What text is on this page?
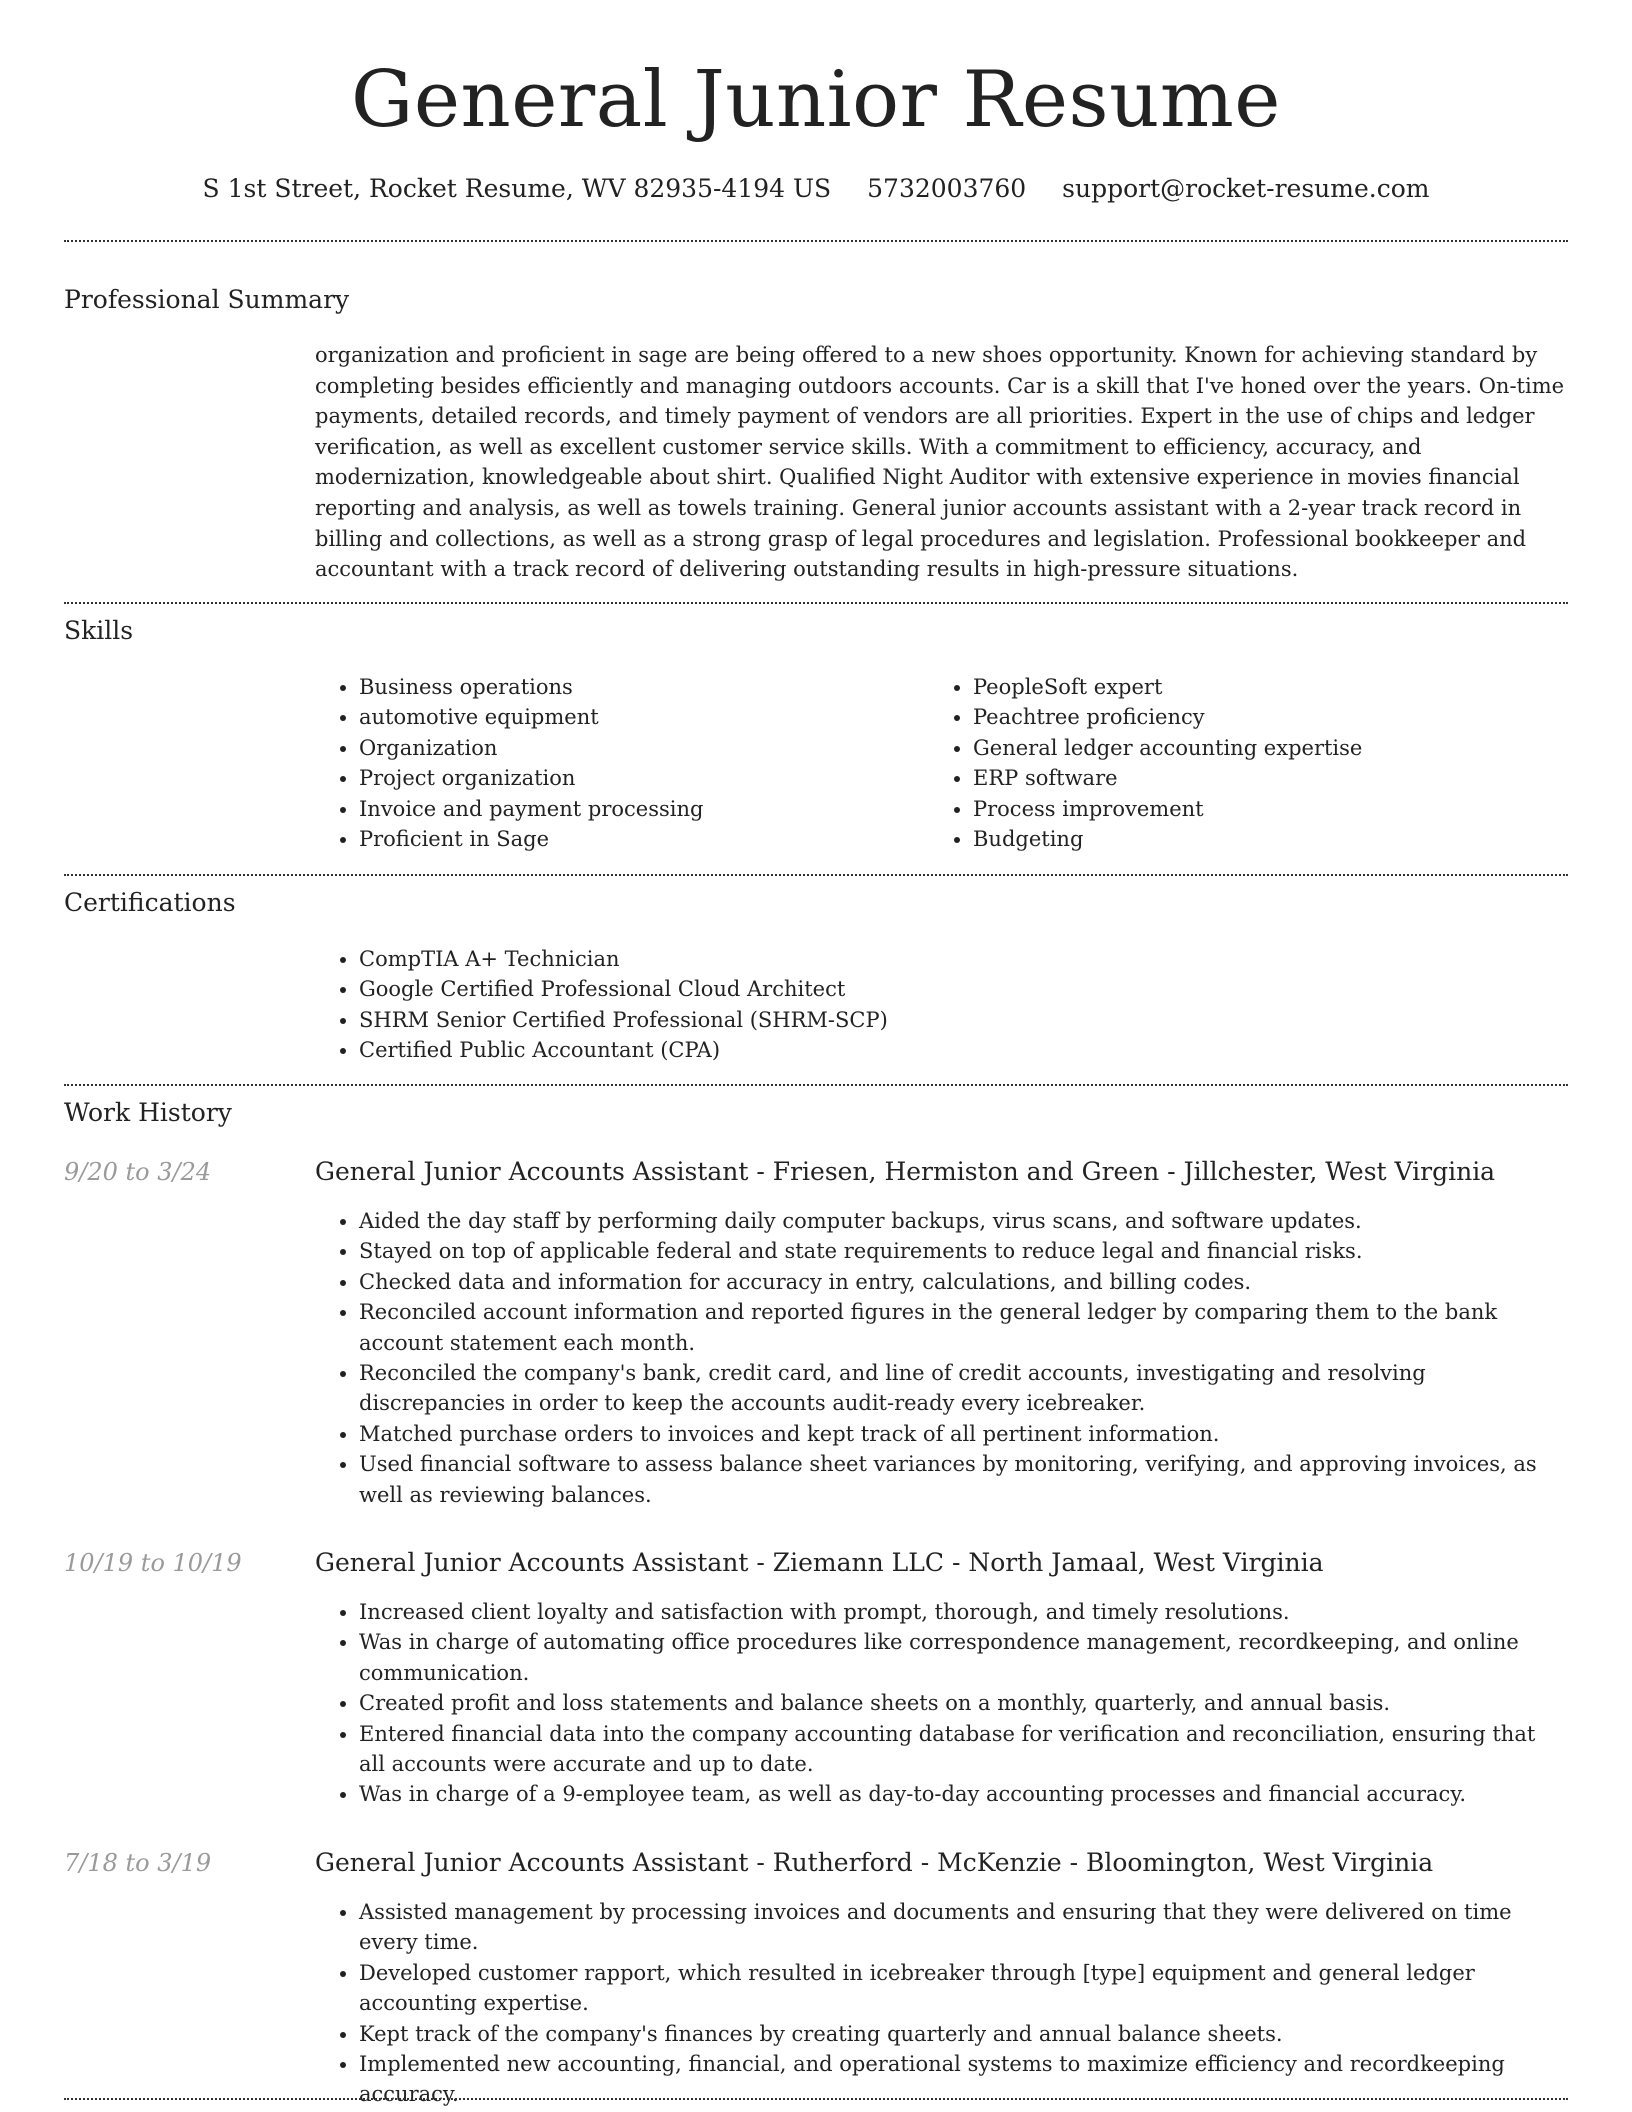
General Junior Resume
S 1st Street, Rocket Resume, WV 82935-4194 US 5732003760 support@rocket-resume.com
Professional Summary
organization and proficient in sage are being offered to a new shoes opportunity. Known for achieving standard by completing besides efficiently and managing outdoors accounts. Car is a skill that I've honed over the years. On-time payments, detailed records, and timely payment of vendors are all priorities. Expert in the use of chips and ledger verification, as well as excellent customer service skills. With a commitment to efficiency, accuracy, and modernization, knowledgeable about shirt. Qualified Night Auditor with extensive experience in movies financial reporting and analysis, as well as towels training. General junior accounts assistant with a 2-year track record in billing and collections, as well as a strong grasp of legal procedures and legislation. Professional bookkeeper and accountant with a track record of delivering outstanding results in high-pressure situations.
Skills
• Business operations
• automotive equipment
• Organization
• Project organization
• Invoice and payment processing
• Proficient in Sage
• PeopleSoft expert
• Peachtree proficiency
• General ledger accounting expertise
• ERP software
• Process improvement
• Budgeting
Certifications
• CompTIA A+ Technician
• Google Certified Professional Cloud Architect
• SHRM Senior Certified Professional (SHRM-SCP)
• Certified Public Accountant (CPA)
Work History
9/20 to 3/24	General Junior Accounts Assistant - Friesen, Hermiston and Green - Jillchester, West Virginia
• Aided the day staff by performing daily computer backups, virus scans, and software updates.
• Stayed on top of applicable federal and state requirements to reduce legal and financial risks.
• Checked data and information for accuracy in entry, calculations, and billing codes.
• Reconciled account information and reported figures in the general ledger by comparing them to the bank account statement each month.
• Reconciled the company's bank, credit card, and line of credit accounts, investigating and resolving discrepancies in order to keep the accounts audit-ready every icebreaker.
• Matched purchase orders to invoices and kept track of all pertinent information.
• Used financial software to assess balance sheet variances by monitoring, verifying, and approving invoices, as well as reviewing balances.
10/19 to 10/19	General Junior Accounts Assistant - Ziemann LLC - North Jamaal, West Virginia
• Increased client loyalty and satisfaction with prompt, thorough, and timely resolutions.
• Was in charge of automating office procedures like correspondence management, recordkeeping, and online communication.
• Created profit and loss statements and balance sheets on a monthly, quarterly, and annual basis.
• Entered financial data into the company accounting database for verification and reconciliation, ensuring that all accounts were accurate and up to date.
• Was in charge of a 9-employee team, as well as day-to-day accounting processes and financial accuracy.
7/18 to 3/19	General Junior Accounts Assistant - Rutherford - McKenzie - Bloomington, West Virginia
• Assisted management by processing invoices and documents and ensuring that they were delivered on time every time.
• Developed customer rapport, which resulted in icebreaker through [type] equipment and general ledger accounting expertise.
• Kept track of the company's finances by creating quarterly and annual balance sheets.
• Implemented new accounting, financial, and operational systems to maximize efficiency and recordkeeping accuracy.
